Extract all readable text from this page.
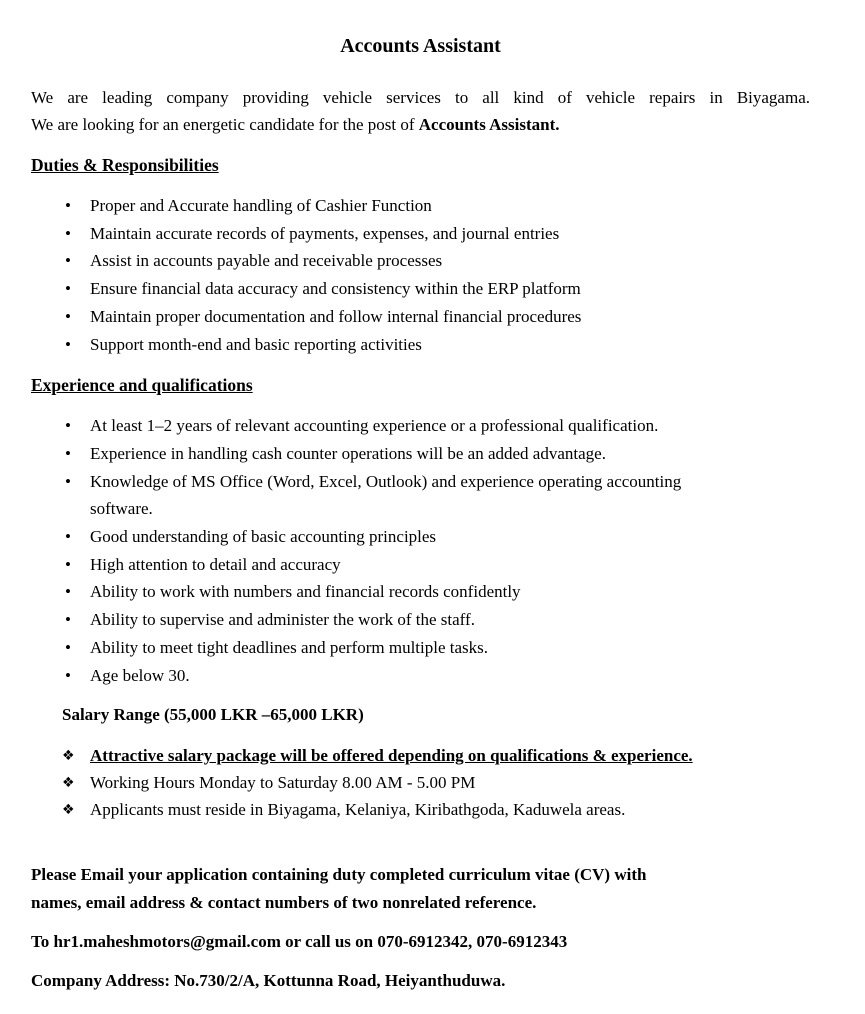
Accounts Assistant
We are leading company providing vehicle services to all kind of vehicle repairs in Biyagama.
We are looking for an energetic candidate for the post of Accounts Assistant.
Duties & Responsibilities
• Proper and Accurate handling of Cashier Function
• Maintain accurate records of payments, expenses, and journal entries
• Assist in accounts payable and receivable processes
• Ensure financial data accuracy and consistency within the ERP platform
• Maintain proper documentation and follow internal financial procedures
• Support month-end and basic reporting activities
Experience and qualifications
• At least 1–2 years of relevant accounting experience or a professional qualification.
• Experience in handling cash counter operations will be an added advantage.
• Knowledge of MS Office (Word, Excel, Outlook) and experience operating accounting
software.
• Good understanding of basic accounting principles
• High attention to detail and accuracy
• Ability to work with numbers and financial records confidently
• Ability to supervise and administer the work of the staff.
• Ability to meet tight deadlines and perform multiple tasks.
• Age below 30.
Salary Range (55,000 LKR –65,000 LKR)
❖ Attractive salary package will be offered depending on qualifications & experience.
❖ Working Hours Monday to Saturday 8.00 AM - 5.00 PM
❖ Applicants must reside in Biyagama, Kelaniya, Kiribathgoda, Kaduwela areas.

Please Email your application containing duty completed curriculum vitae (CV) with
names, email address & contact numbers of two nonrelated reference.

To hr1.maheshmotors@gmail.com or call us on 070-6912342, 070-6912343

Company Address: No.730/2/A, Kottunna Road, Heiyanthuduwa.
